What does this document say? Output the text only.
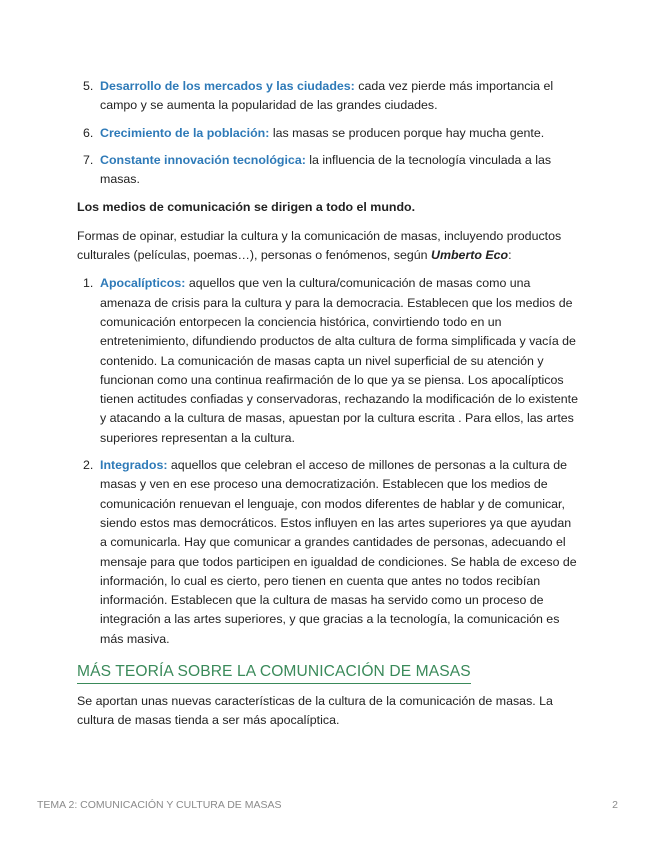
5. Desarrollo de los mercados y las ciudades: cada vez pierde más importancia el campo y se aumenta la popularidad de las grandes ciudades.
6. Crecimiento de la población: las masas se producen porque hay mucha gente.
7. Constante innovación tecnológica: la influencia de la tecnología vinculada a las masas.

Los medios de comunicación se dirigen a todo el mundo.

Formas de opinar, estudiar la cultura y la comunicación de masas, incluyendo productos culturales (películas, poemas…), personas o fenómenos, según Umberto Eco:

1. Apocalípticos: aquellos que ven la cultura/comunicación de masas como una amenaza de crisis para la cultura y para la democracia. Establecen que los medios de comunicación entorpecen la conciencia histórica, convirtiendo todo en un entretenimiento, difundiendo productos de alta cultura de forma simplificada y vacía de contenido. La comunicación de masas capta un nivel superficial de su atención y funcionan como una continua reafirmación de lo que ya se piensa. Los apocalípticos tienen actitudes confiadas y conservadoras, rechazando la modificación de lo existente y atacando a la cultura de masas, apuestan por la cultura escrita . Para ellos, las artes superiores representan a la cultura.
2. Integrados: aquellos que celebran el acceso de millones de personas a la cultura de masas y ven en ese proceso una democratización. Establecen que los medios de comunicación renuevan el lenguaje, con modos diferentes de hablar y de comunicar, siendo estos mas democráticos. Estos influyen en las artes superiores ya que ayudan a comunicarla. Hay que comunicar a grandes cantidades de personas, adecuando el mensaje para que todos participen en igualdad de condiciones. Se habla de exceso de información, lo cual es cierto, pero tienen en cuenta que antes no todos recibían información. Establecen que la cultura de masas ha servido como un proceso de integración a las artes superiores, y que gracias a la tecnología, la comunicación es más masiva.
MÁS TEORÍA SOBRE LA COMUNICACIÓN DE MASAS

Se aportan unas nuevas características de la cultura de la comunicación de masas. La cultura de masas tienda a ser más apocalíptica.

TEMA 2: COMUNICACIÓN Y CULTURA DE MASAS	2
